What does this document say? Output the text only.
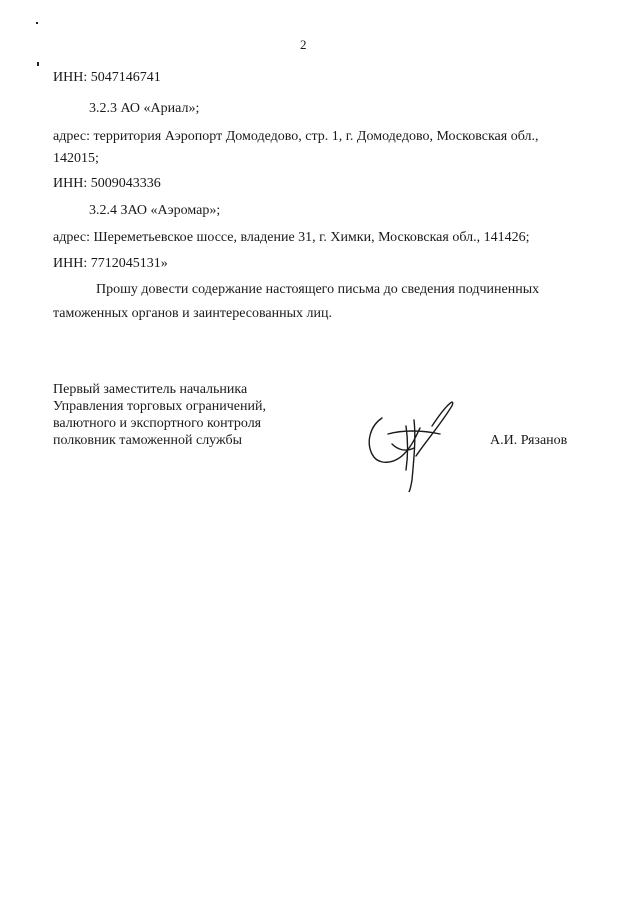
2
ИНН: 5047146741
3.2.3 АО «Ариал»;
адрес: территория Аэропорт Домодедово, стр. 1, г. Домодедово, Московская обл.,
142015;
ИНН: 5009043336
3.2.4 ЗАО «Аэромар»;
адрес: Шереметьевское шоссе, владение 31, г. Химки, Московская обл., 141426;
ИНН: 7712045131»
Прошу довести содержание настоящего письма до сведения подчиненных
таможенных органов и заинтересованных лиц.
Первый заместитель начальника
Управления торговых ограничений,
валютного и экспортного контроля
полковник таможенной службы	А.И. Рязанов
